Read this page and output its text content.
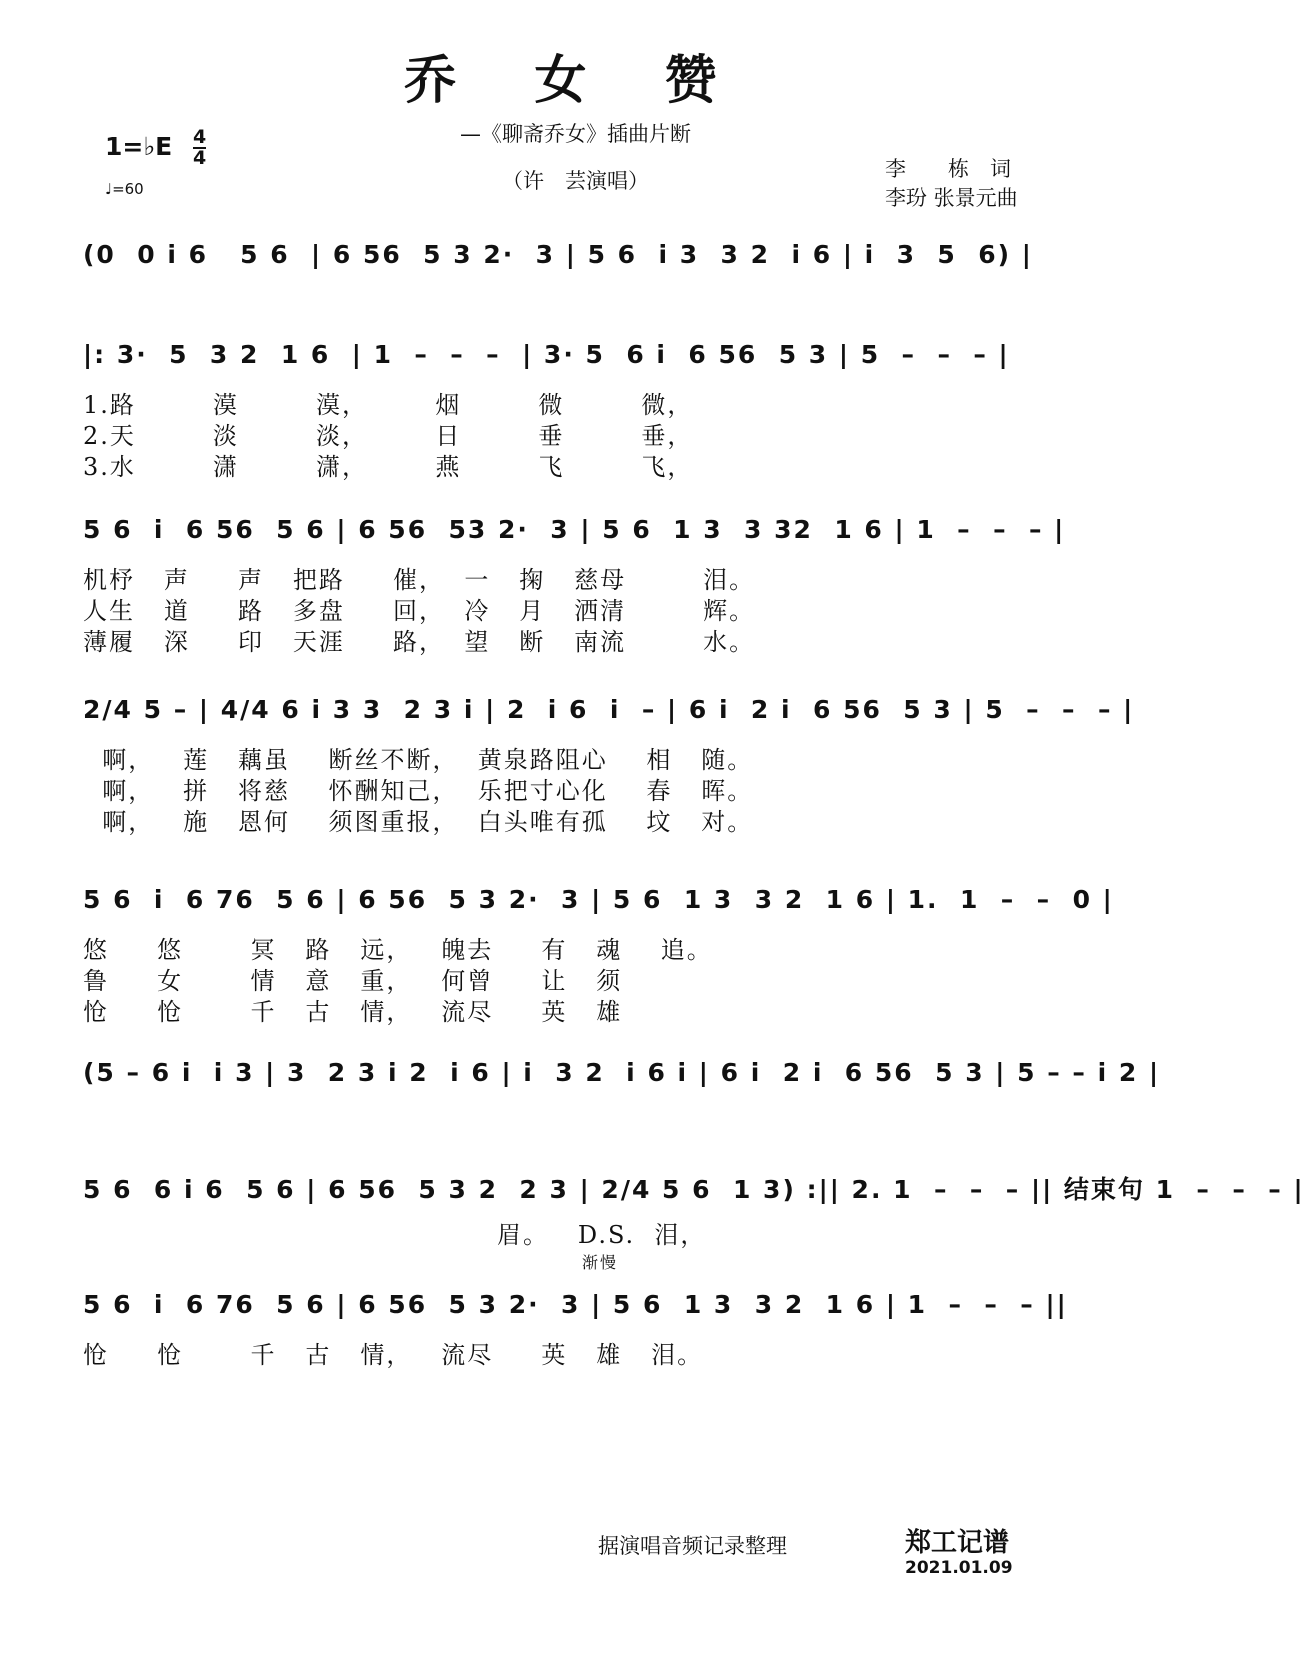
乔 女 赞
—《聊斋乔女》插曲片断
（许　芸演唱）
1=♭E $\frac{4}{4}$
♩=60
李　　栋　词
李玢 张景元曲
(0  0 i 6   5 6  | 6 56  5 3 2·  3 | 5 6  i 3  3 2  i 6 | i  3  5  6) |
|: 3·  5  3 2  1 6  | 1  –  –  –  | 3· 5  6 i  6 56  5 3 | 5  –  –  – |
1.路        漠        漠，       烟        微        微，
2.天        淡        淡，       日        垂        垂，
3.水        潇        潇，       燕        飞        飞，
5 6  i  6 56  5 6 | 6 56  53 2·  3 | 5 6  1 3  3 32  1 6 | 1  –  –  – |
机杼   声     声   把路     催，  一   掬   慈母        泪。
人生   道     路   多盘     回，  冷   月   洒清        辉。
薄履   深     印   天涯     路，  望   断   南流        水。
2/4 5 – | 4/4 6 i 3 3  2 3 i | 2  i 6  i  – | 6 i  2 i  6 56  5 3 | 5  –  –  – |
啊，   莲   藕虽    断丝不断，  黄泉路阻心    相   随。
啊，   拼   将慈    怀酬知己，  乐把寸心化    春   晖。
啊，   施   恩何    须图重报，  白头唯有孤    坟   对。
5 6  i  6 76  5 6 | 6 56  5 3 2·  3 | 5 6  1 3  3 2  1 6 | 1.  1  –  –  0 |
悠     悠       冥   路   远，   魄去     有   魂    追。
鲁     女       情   意   重，   何曾     让   须
怆     怆       千   古   情，   流尽     英   雄
(5 – 6 i  i 3 | 3  2 3 i 2  i 6 | i  3 2  i 6 i | 6 i  2 i  6 56  5 3 | 5 – – i 2 |
5 6  6 i 6  5 6 | 6 56  5 3 2  2 3 | 2/4 5 6  1 3) :|| 2. 1  –  –  – || 结束句 1  –  –  – |
眉。   D.S.  泪，
5 6  i  6 76  5 6 | 6 56  5 3 2·  3 | 5 6  1 3  3 2  1 6 | 1  –  –  – ||
渐慢
怆     怆       千   古   情，   流尽     英   雄   泪。
据演唱音频记录整理	郑工记谱
2021.01.09
